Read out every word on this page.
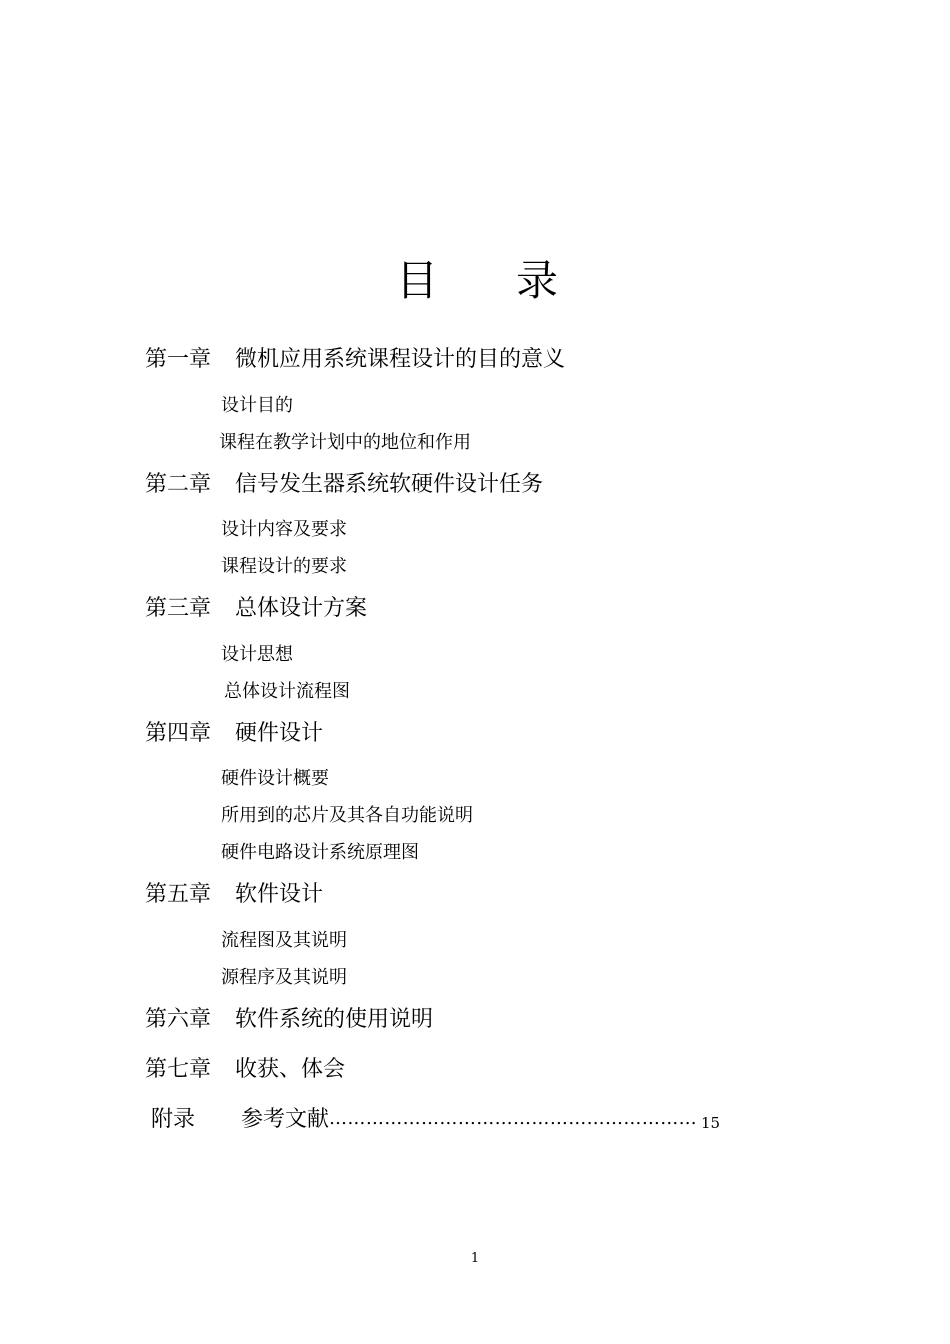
目 录
第一章 微机应用系统课程设计的目的意义
设计目的
课程在教学计划中的地位和作用
第二章 信号发生器系统软硬件设计任务
设计内容及要求
课程设计的要求
第三章 总体设计方案
设计思想
总体设计流程图
第四章 硬件设计
硬件设计概要
所用到的芯片及其各自功能说明
硬件电路设计系统原理图
第五章 软件设计
流程图及其说明
源程序及其说明
第六章 软件系统的使用说明
第七章 收获、体会
附录 参考文献…………………………………………………… 15
1
